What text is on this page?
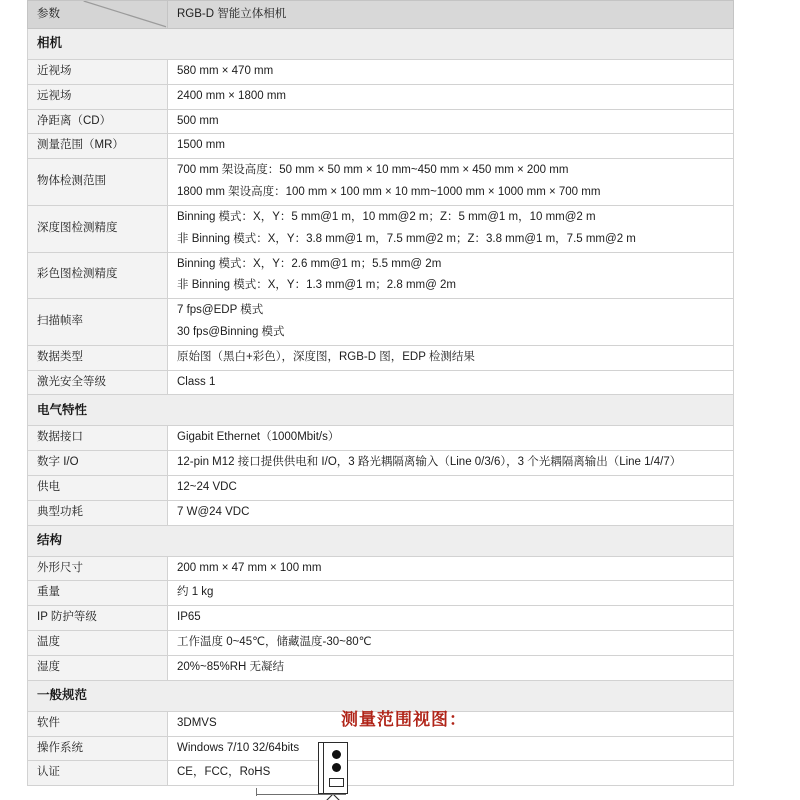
参数	RGB-D 智能立体相机
相机	
近视场	580 mm × 470 mm

远视场	2400 mm × 1800 mm

净距离（CD）	500 mm

测量范围（MR）	1500 mm

物体检测范围	700 mm 架设高度：50 mm × 50 mm × 10 mm~450 mm × 450 mm × 200 mm
1800 mm 架设高度：100 mm × 100 mm × 10 mm~1000 mm × 1000 mm × 700 mm

深度图检测精度	Binning 模式：X，Y：5 mm@1 m，10 mm@2 m；Z：5 mm@1 m，10 mm@2 m
非 Binning 模式：X，Y：3.8 mm@1 m，7.5 mm@2 m；Z：3.8 mm@1 m，7.5 mm@2 m

彩色图检测精度	Binning 模式：X，Y：2.6 mm@1 m；5.5 mm@ 2m
非 Binning 模式：X，Y：1.3 mm@1 m；2.8 mm@ 2m

扫描帧率	7 fps@EDP 模式
30 fps@Binning 模式

数据类型	原始图（黑白+彩色），深度图，RGB-D 图，EDP 检测结果

激光安全等级	Class 1

电气特性	
数据接口	Gigabit Ethernet（1000Mbit/s）

数字 I/O	12-pin M12 接口提供供电和 I/O，3 路光耦隔离输入（Line 0/3/6），3 个光耦隔离输出（Line 1/4/7）

供电	12~24 VDC

典型功耗	7 W@24 VDC

结构	
外形尺寸	200 mm × 47 mm × 100 mm

重量	约 1 kg

IP 防护等级	IP65

温度	工作温度 0~45℃，储藏温度-30~80℃

湿度	20%~85%RH 无凝结

一般规范	
软件	3DMVS

操作系统	Windows 7/10 32/64bits

认证	CE，FCC，RoHS
测量范围视图：
